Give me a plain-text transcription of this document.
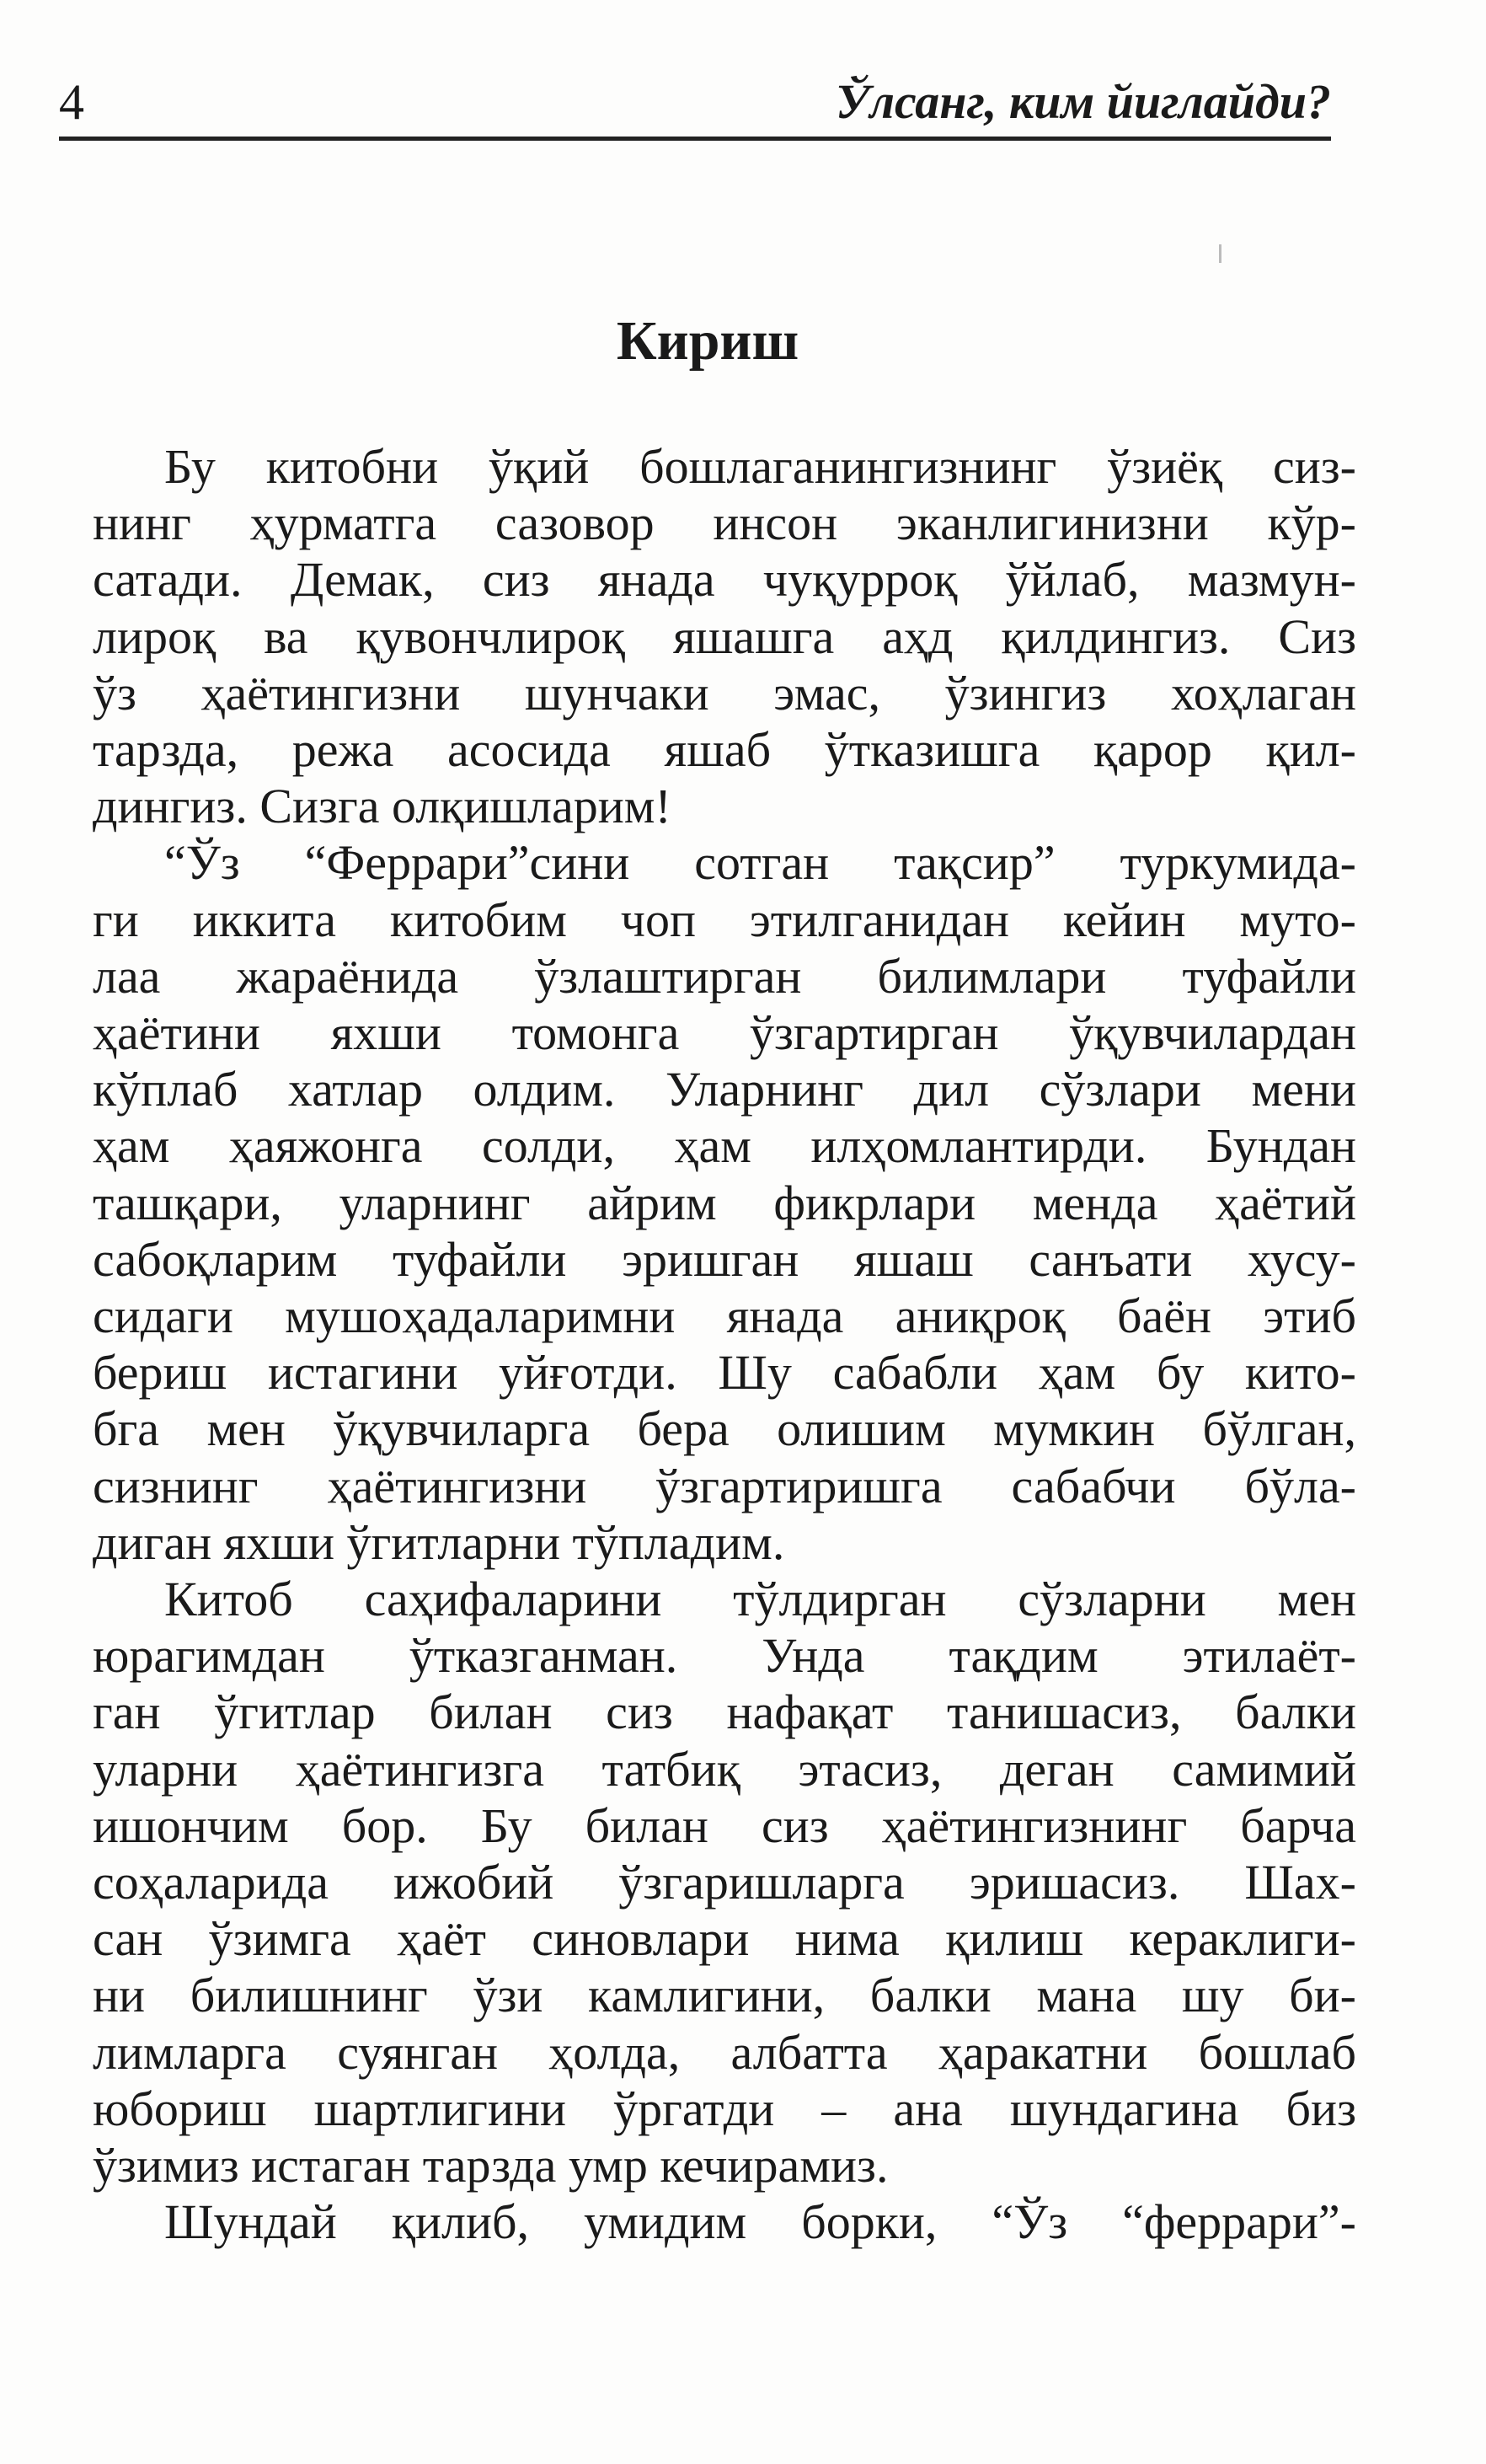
4	Ўлсанг, ким йиглайди?
Кириш
Бу китобни ўқий бошлаганингизнинг ўзиёқ сиз-
нинг ҳурматга сазовор инсон эканлигинизни кўр-
сатади. Демак, сиз янада чуқурроқ ўйлаб, мазмун-
лироқ ва қувончлироқ яшашга аҳд қилдингиз. Сиз
ўз ҳаётингизни шунчаки эмас, ўзингиз хоҳлаган
тарзда, режа асосида яшаб ўтказишга қарор қил-
дингиз. Сизга олқишларим!
“Ўз “Феррари”сини сотган тақсир” туркумида-
ги иккита китобим чоп этилганидан кейин муто-
лаа жараёнида ўзлаштирган билимлари туфайли
ҳаётини яхши томонга ўзгартирган ўқувчилардан
кўплаб хатлар олдим. Уларнинг дил сўзлари мени
ҳам ҳаяжонга солди, ҳам илҳомлантирди. Бундан
ташқари, уларнинг айрим фикрлари менда ҳаётий
сабоқларим туфайли эришган яшаш санъати хусу-
сидаги мушоҳадаларимни янада аниқроқ баён этиб
бериш истагини уйғотди. Шу сабабли ҳам бу кито-
бга мен ўқувчиларга бера олишим мумкин бўлган,
сизнинг ҳаётингизни ўзгартиришга сабабчи бўла-
диган яхши ўгитларни тўпладим.
Китоб саҳифаларини тўлдирган сўзларни мен
юрагимдан ўтказганман. Унда тақдим этилаёт-
ган ўгитлар билан сиз нафақат танишасиз, балки
уларни ҳаётингизга татбиқ этасиз, деган самимий
ишончим бор. Бу билан сиз ҳаётингизнинг барча
соҳаларида ижобий ўзгаришларга эришасиз. Шах-
сан ўзимга ҳаёт синовлари нима қилиш кераклиги-
ни билишнинг ўзи камлигини, балки мана шу би-
лимларга суянган ҳолда, албатта ҳаракатни бошлаб
юбориш шартлигини ўргатди – ана шундагина биз
ўзимиз истаган тарзда умр кечирамиз.
Шундай қилиб, умидим борки, “Ўз “феррари”-
